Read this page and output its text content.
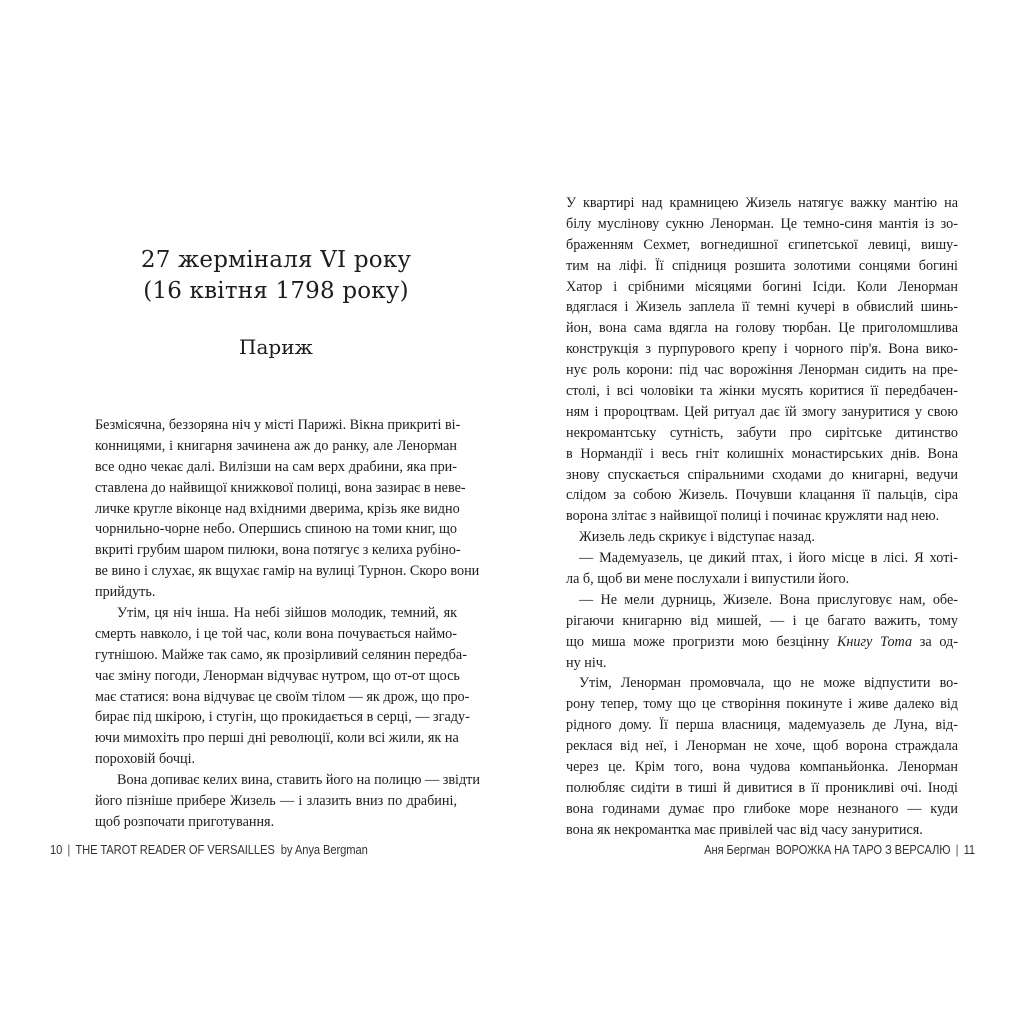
27 жерміналя VI року
(16 квітня 1798 року)
Париж
Безмісячна, беззоряна ніч у місті Парижі. Вікна прикриті ві-
конницями, і книгарня зачинена аж до ранку, але Ленорман
все одно чекає далі. Вилізши на сам верх драбини, яка при-
ставлена до найвищої книжкової полиці, вона зазирає в неве-
личке кругле віконце над вхідними дверима, крізь яке видно
чорнильно-чорне небо. Опершись спиною на томи книг, що
вкриті грубим шаром пилюки, вона потягує з келиха рубіно-
ве вино і слухає, як вщухає гамір на вулиці Турнон. Скоро вони
прийдуть.
Утім, ця ніч інша. На небі зійшов молодик, темний, як
смерть навколо, і це той час, коли вона почувається наймо-
гутнішою. Майже так само, як прозірливий селянин передба-
чає зміну погоди, Ленорман відчуває нутром, що от-от щось
має статися: вона відчуває це своїм тілом — як дрож, що про-
бирає під шкірою, і стугін, що прокидається в серці, — згаду-
ючи мимохіть про перші дні революції, коли всі жили, як на
пороховій бочці.
Вона допиває келих вина, ставить його на полицю — звідти
його пізніше прибере Жизель — і злазить вниз по драбині,
щоб розпочати приготування.
У квартирі над крамницею Жизель натягує важку мантію на
білу муслінову сукню Ленорман. Це темно-синя мантія із зо-
браженням Сехмет, вогнедишної єгипетської левиці, вишу-
тим на ліфі. Її спідниця розшита золотими сонцями богині
Хатор і срібними місяцями богині Ісіди. Коли Ленорман
вдяглася і Жизель заплела її темні кучері в обвислий шинь-
йон, вона сама вдягла на голову тюрбан. Це приголомшлива
конструкція з пурпурового крепу і чорного пір'я. Вона вико-
нує роль корони: під час ворожіння Ленорман сидить на пре-
столі, і всі чоловіки та жінки мусять коритися її передбачен-
ням і пророцтвам. Цей ритуал дає їй змогу зануритися у свою
некромантську сутність, забути про сирітське дитинство
в Нормандії і весь гніт колишніх монастирських днів. Вона
знову спускається спіральними сходами до книгарні, ведучи
слідом за собою Жизель. Почувши клацання її пальців, сіра
ворона злітає з найвищої полиці і починає кружляти над нею.
Жизель ледь скрикує і відступає назад.
— Мадемуазель, це дикий птах, і його місце в лісі. Я хоті-
ла б, щоб ви мене послухали і випустили його.
— Не мели дурниць, Жизеле. Вона прислуговує нам, обе-
рігаючи книгарню від мишей, — і це багато важить, тому
що миша може прогризти мою безцінну Книгу Тота за од-
ну ніч.
Утім, Ленорман промовчала, що не може відпустити во-
рону тепер, тому що це створіння покинуте і живе далеко від
рідного дому. Її перша власниця, мадемуазель де Луна, від-
реклася від неї, і Ленорман не хоче, щоб ворона страждала
через це. Крім того, вона чудова компаньйонка. Ленорман
полюбляє сидіти в тиші й дивитися в її проникливі очі. Іноді
вона годинами думає про глибоке море незнаного — куди
вона як некромантка має привілей час від часу зануритися.
10 | THE TAROT READER OF VERSAILLES by Anya Bergman	Аня Бергман ВОРОЖКА НА ТАРО З ВЕРСАЛЮ | 11
